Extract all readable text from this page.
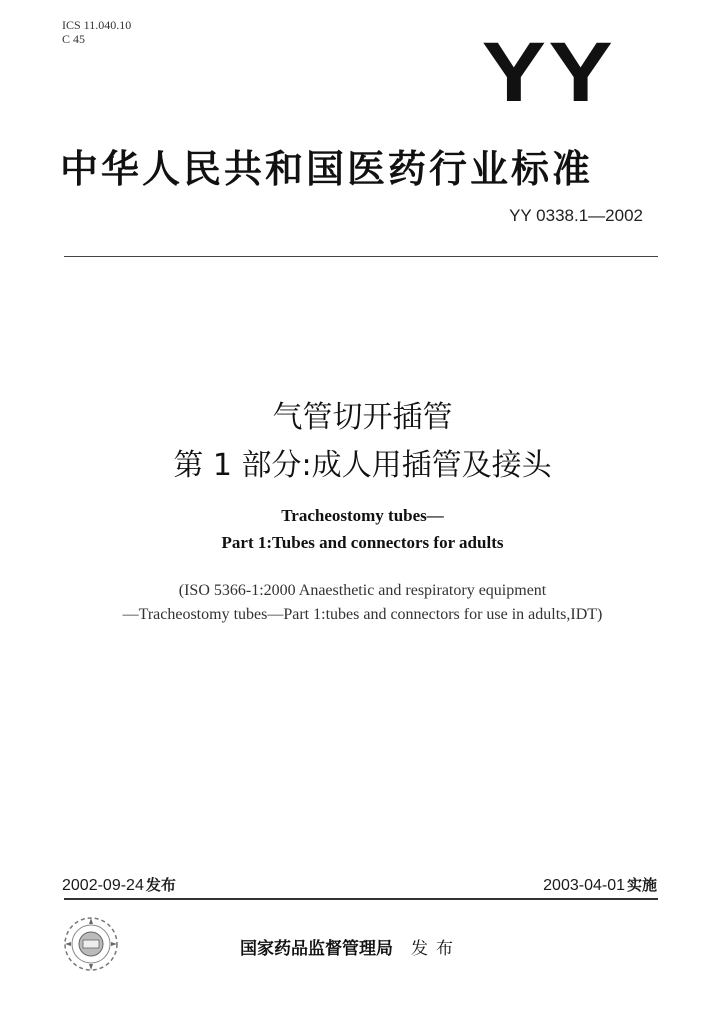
ICS 11.040.10
C 45	YY
中华人民共和国医药行业标准
YY 0338.1—2002
气管切开插管
第 1 部分:成人用插管及接头
Tracheostomy tubes—
Part 1:Tubes and connectors for adults
(ISO 5366-1:2000 Anaesthetic and respiratory equipment
—Tracheostomy tubes—Part 1:tubes and connectors for use in adults,IDT)
2002-09-24 发布	2003-04-01 实施
国家药品监督管理局 发布
